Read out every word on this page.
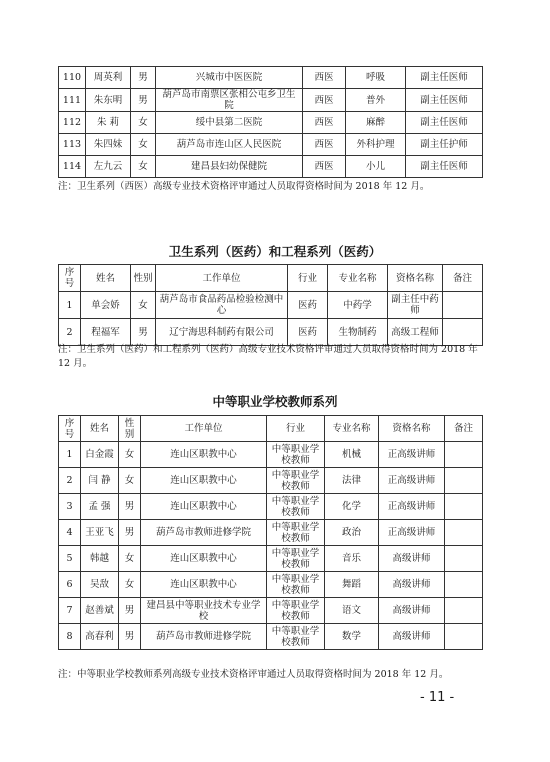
110	周英利	男	兴城市中医医院	西医	呼吸	副主任医师
111	朱东明	男	葫芦岛市南票区张相公屯乡卫生院	西医	普外	副主任医师
112	朱 莉	女	绥中县第二医院	西医	麻醉	副主任医师
113	朱四妹	女	葫芦岛市连山区人民医院	西医	外科护理	副主任护师
114	左九云	女	建昌县妇幼保健院	西医	小儿	副主任医师
注：卫生系列（西医）高级专业技术资格评审通过人员取得资格时间为 2018 年 12 月。
卫生系列（医药）和工程系列（医药）
序号	姓名	性别	工作单位	行业	专业名称	资格名称	备注
1	单会娇	女	葫芦岛市食品药品检验检测中心	医药	中药学	副主任中药师	
2	程福军	男	辽宁海思科制药有限公司	医药	生物制药	高级工程师	
注：卫生系列（医药）和工程系列（医药）高级专业技术资格评审通过人员取得资格时间为 2018 年 12 月。
中等职业学校教师系列
序号	姓名	性别	工作单位	行业	专业名称	资格名称	备注
1	白金霞	女	连山区职教中心	中等职业学校教师	机械	正高级讲师	
2	闫 静	女	连山区职教中心	中等职业学校教师	法律	正高级讲师	
3	孟 强	男	连山区职教中心	中等职业学校教师	化学	正高级讲师	
4	王亚飞	男	葫芦岛市教师进修学院	中等职业学校教师	政治	正高级讲师	
5	韩越	女	连山区职教中心	中等职业学校教师	音乐	高级讲师	
6	吴敌	女	连山区职教中心	中等职业学校教师	舞蹈	高级讲师	
7	赵善斌	男	建昌县中等职业技术专业学校	中等职业学校教师	语文	高级讲师	
8	高春利	男	葫芦岛市教师进修学院	中等职业学校教师	数学	高级讲师	
注：中等职业学校教师系列高级专业技术资格评审通过人员取得资格时间为 2018 年 12 月。
- 11 -
